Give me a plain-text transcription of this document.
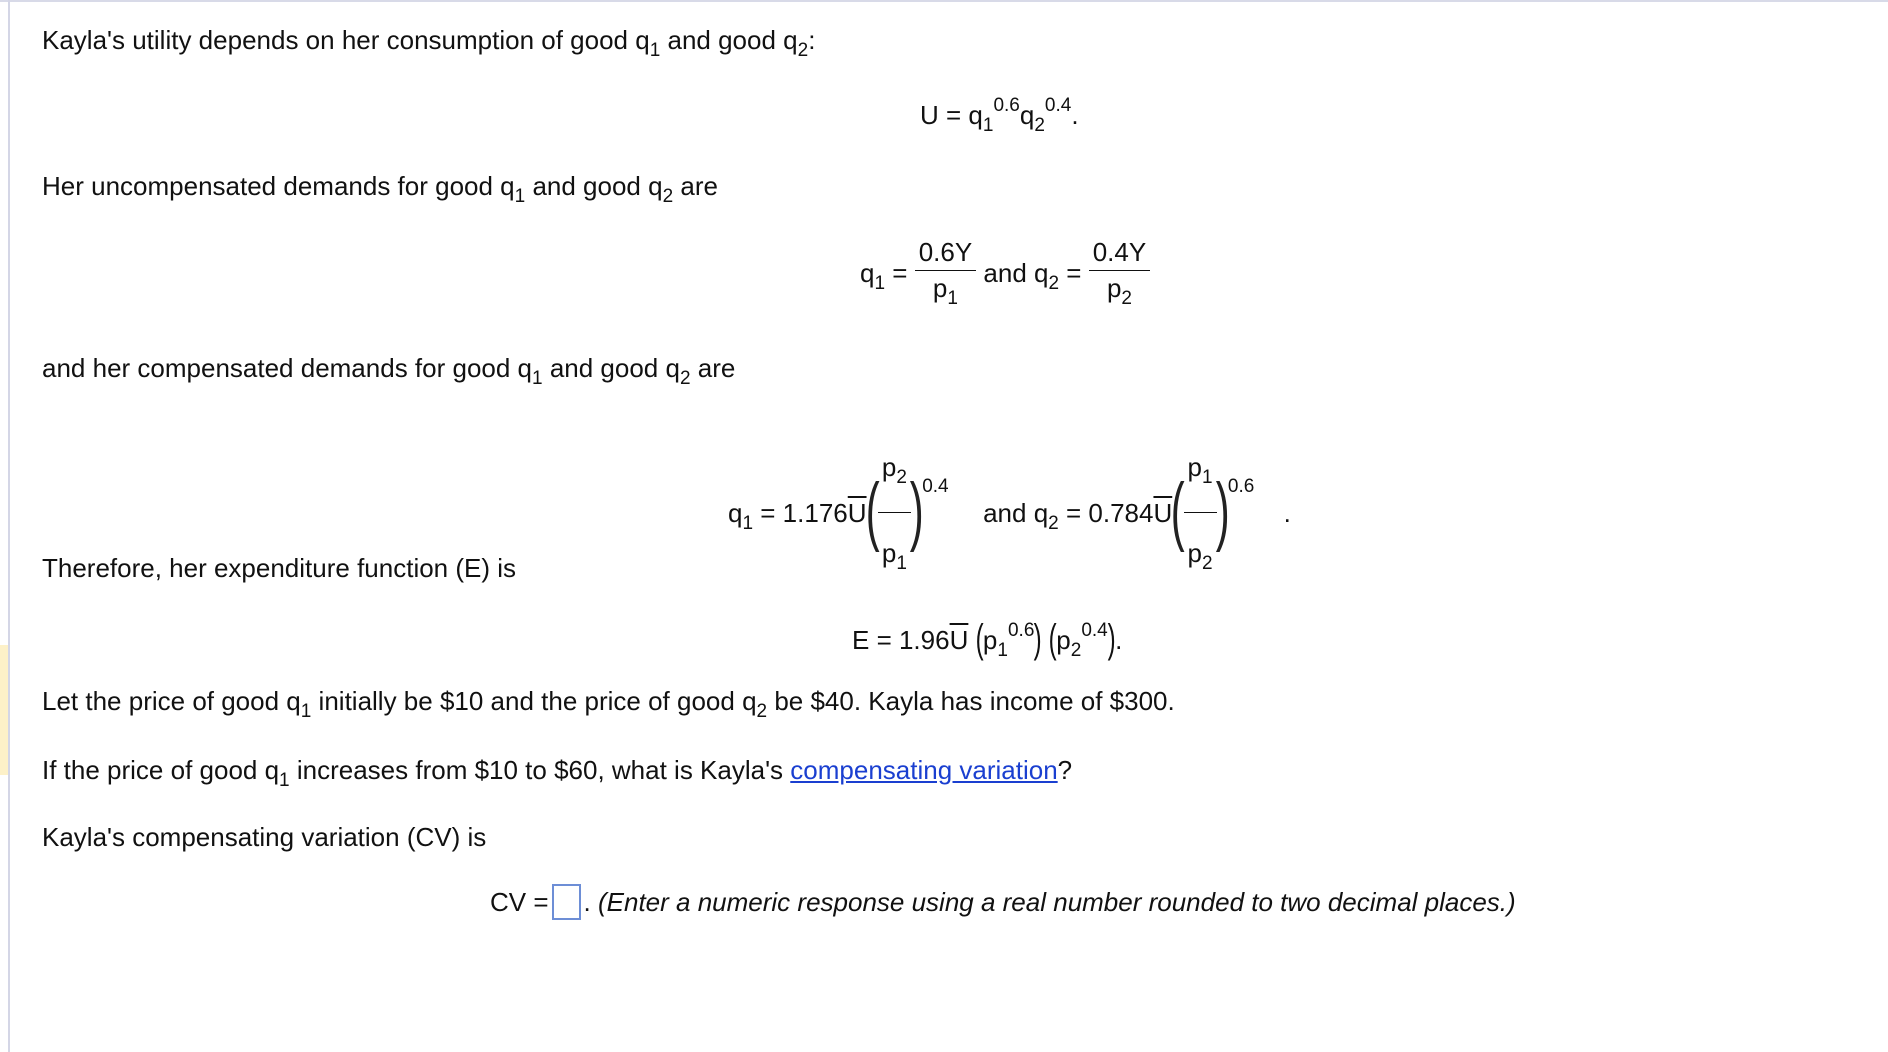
Kayla's utility depends on her consumption of good $q_1$ and good $q_2$:
$U = q_1^{0.6}q_2^{0.4}$.
Her uncompensated demands for good $q_1$ and good $q_2$ are
$q_1 = \frac{0.6Y}{p_1}$ and $q_2 = \frac{0.4Y}{p_2}$
and her compensated demands for good $q_1$ and good $q_2$ are
$q_1 = 1.176\overline{U}$(
$\frac{p_2}{p_1}$
)$^{0.4}$  and $q_2 = 0.784\overline{U}$(
$\frac{p_1}{p_2}$
)$^{0.6}$ .
Therefore, her expenditure function (E) is
$E = 1.96\overline{U}$ $(p_1^{0.6})$ $(p_2^{0.4})$.
Let the price of good $q_1$ initially be $10 and the price of good $q_2$ be $40. Kayla has income of $300.
If the price of good $q_1$ increases from $10 to $60, what is Kayla's compensating variation?
Kayla's compensating variation (CV) is
CV = . (Enter a numeric response using a real number rounded to two decimal places.)
